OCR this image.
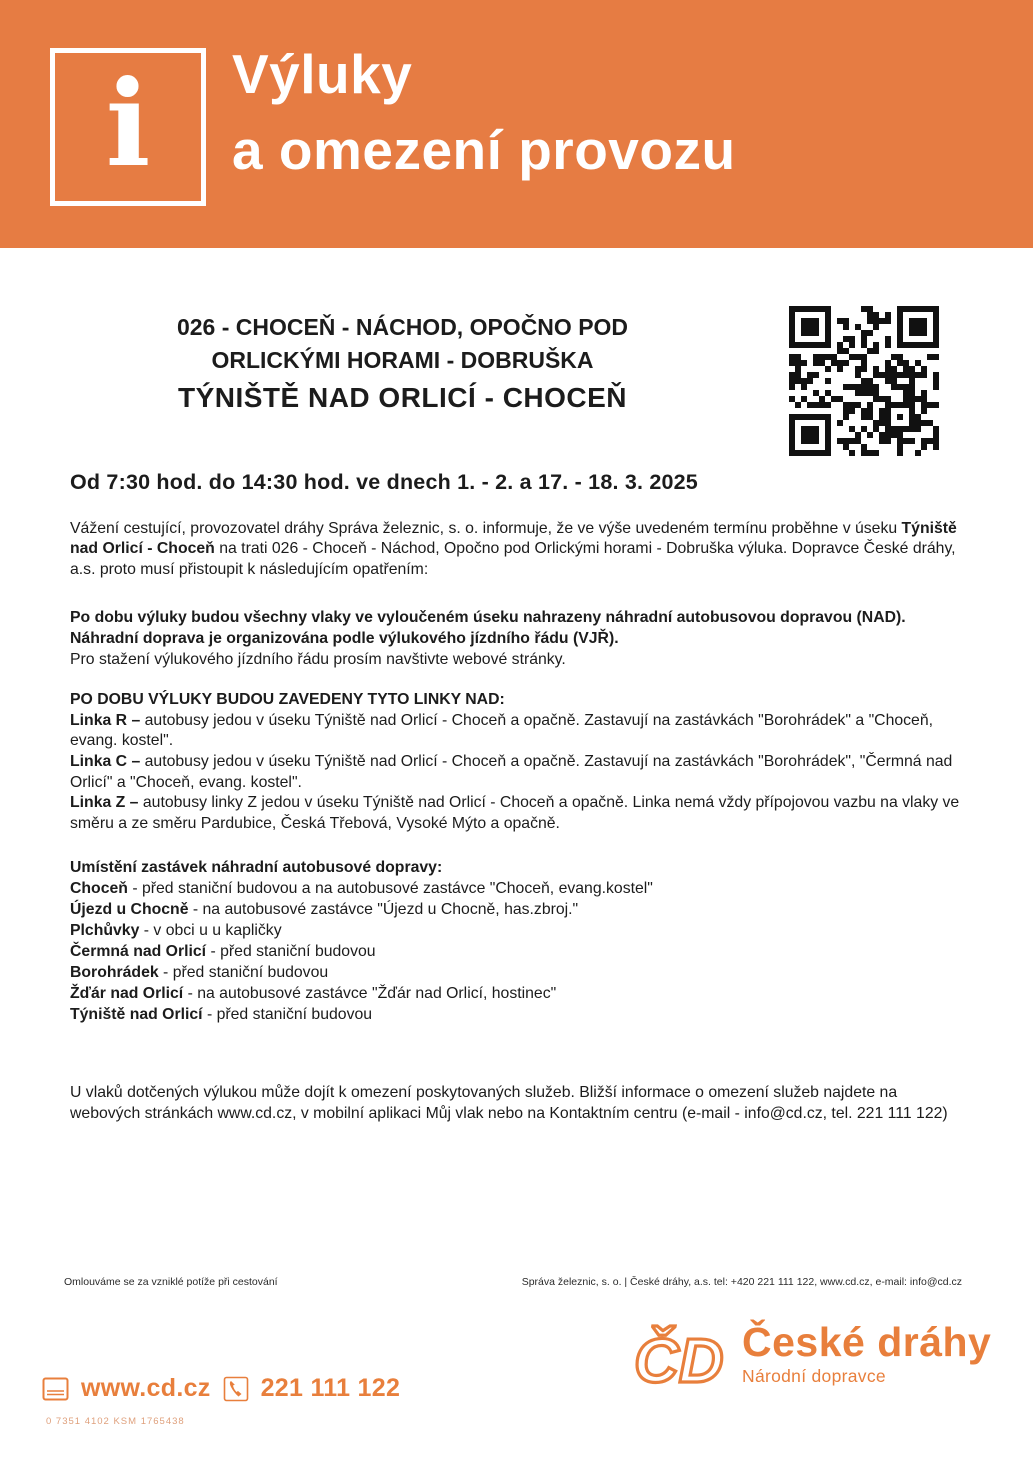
i Výluky
a omezení provozu
026 - CHOCEŇ - NÁCHOD, OPOČNO POD
ORLICKÝMI HORAMI - DOBRUŠKA
TÝNIŠTĚ NAD ORLICÍ - CHOCEŇ
Od 7:30 hod. do 14:30 hod. ve dnech 1. - 2. a 17. - 18. 3. 2025

Vážení cestující, provozovatel dráhy Správa železnic, s. o. informuje, že ve výše uvedeném termínu proběhne v úseku Týniště nad Orlicí - Choceň na trati 026 - Choceň - Náchod, Opočno pod Orlickými horami - Dobruška výluka. Dopravce České dráhy, a.s. proto musí přistoupit k následujícím opatřením:

Po dobu výluky budou všechny vlaky ve vyloučeném úseku nahrazeny náhradní autobusovou dopravou (NAD). Náhradní doprava je organizována podle výlukového jízdního řádu (VJŘ).

Pro stažení výlukového jízdního řádu prosím navštivte webové stránky.

PO DOBU VÝLUKY BUDOU ZAVEDENY TYTO LINKY NAD:

Linka R – autobusy jedou v úseku Týniště nad Orlicí - Choceň a opačně. Zastavují na zastávkách "Borohrádek" a "Choceň, evang. kostel".

Linka C – autobusy jedou v úseku Týniště nad Orlicí - Choceň a opačně. Zastavují na zastávkách "Borohrádek", "Čermná nad Orlicí" a "Choceň, evang. kostel".

Linka Z – autobusy linky Z jedou v úseku Týniště nad Orlicí - Choceň a opačně. Linka nemá vždy přípojovou vazbu na vlaky ve směru a ze směru Pardubice, Česká Třebová, Vysoké Mýto a opačně.

Umístění zastávek náhradní autobusové dopravy:

Choceň - před staniční budovou a na autobusové zastávce "Choceň, evang.kostel"
Újezd u Chocně - na autobusové zastávce "Újezd u Chocně, has.zbroj."
Plchůvky - v obci u u kapličky
Čermná nad Orlicí - před staniční budovou
Borohrádek - před staniční budovou
Žďár nad Orlicí - na autobusové zastávce "Žďár nad Orlicí, hostinec"
Týniště nad Orlicí - před staniční budovou

U vlaků dotčených výlukou může dojít k omezení poskytovaných služeb. Bližší informace o omezení služeb najdete na webových stránkách www.cd.cz, v mobilní aplikaci Můj vlak nebo na Kontaktním centru (e-mail - info@cd.cz, tel. 221 111 122)

Omlouváme se za vzniklé potíže při cestování	Správa železnic, s. o. | České dráhy, a.s. tel: +420 221 111 122, www.cd.cz, e-mail: info@cd.cz
ČD České dráhy
Národní dopravce
www.cd.cz 221 111 122
0 7351 4102 KSM 1765438
